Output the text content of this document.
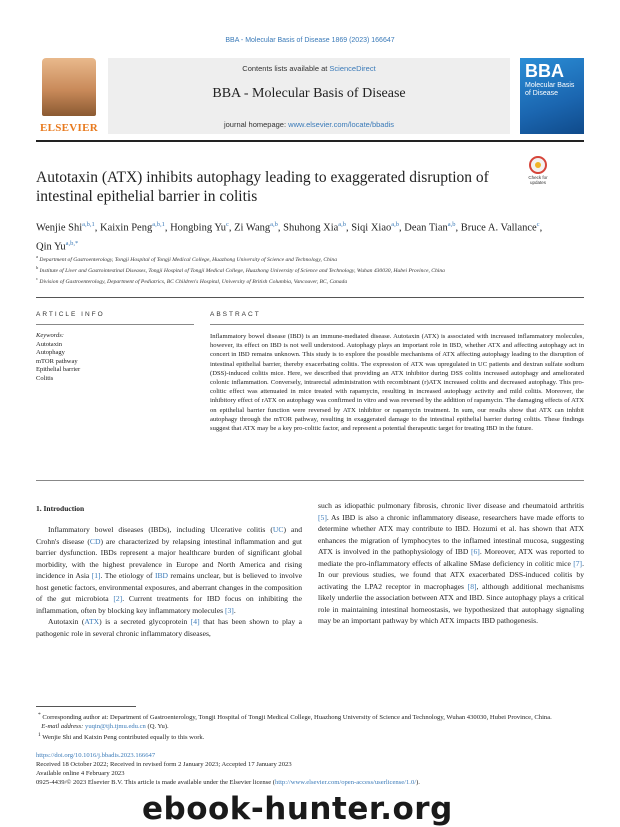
BBA - Molecular Basis of Disease 1869 (2023) 166647
ELSEVIER
Contents lists available at ScienceDirect
BBA - Molecular Basis of Disease
journal homepage: www.elsevier.com/locate/bbadis
BBA
Molecular Basis of Disease
Autotaxin (ATX) inhibits autophagy leading to exaggerated disruption of intestinal epithelial barrier in colitis
Check for updates
Wenjie Shi$^{a,b,1}$, Kaixin Peng$^{a,b,1}$, Hongbing Yu$^c$, Zi Wang$^{a,b}$, Shuhong Xia$^{a,b}$, Siqi Xiao$^{a,b}$, Dean Tian$^{a,b}$, Bruce A. Vallance$^c$, Qin $Yu^{a,b,*}$
$^a$ Department of Gastroenterology, Tongji Hospital of Tongji Medical College, Huazhong University of Science and Technology, China
$^b$ Institute of Liver and Gastrointestinal Diseases, Tongji Hospital of Tongji Medical College, Huazhong University of Science and Technology, Wuhan 430030, Hubei Province, China
$^c$ Division of Gastroenterology, Department of Pediatrics, BC Children's Hospital, University of British Columbia, Vancouver, BC, Canada
ARTICLE INFO	ABSTRACT
Keywords:
Autotaxin
Autophagy
mTOR pathway
Epithelial barrier
Colitis
Inflammatory bowel disease (IBD) is an immune-mediated disease. Autotaxin (ATX) is associated with increased inflammatory molecules, however, its effect on IBD is not well understood. Autophagy plays an important role in IBD, whether ATX and affecting autophagy act in concert in IBD remains unknown. This study is to explore the possible mechanisms of ATX affecting autophagy leading to the disruption of intestinal epithelial barrier, thereby exacerbating colitis. The expression of ATX was upregulated in UC patients and dextran sulfate sodium (DSS)-induced colitis mice. Here, we described that providing an ATX inhibitor during DSS colitis increased autophagy and ameliorated colonic inflammation. Conversely, intrarectal administration with recombinant (r)ATX increased colitis and decreased autophagy. This pro-colitic effect was attenuated in mice treated with rapamycin, resulting in increased autophagy activity and mild colitis. Moreover, the inhibitory effect of rATX on autophagy was confirmed in vitro and was reversed by the addition of rapamycin. The damaging effects of ATX on epithelial barrier function were reversed by ATX inhibitor or rapamycin treatment. In sum, our results show that ATX can inhibit autophagy through the mTOR pathway, resulting in exaggerated damage to the intestinal epithelial barrier during colitis. These findings suggest that ATX may be a key pro-colitic factor, and represent a potential therapeutic target for treating IBD in the future.
1. Introduction

Inflammatory bowel diseases (IBDs), including Ulcerative colitis (UC) and Crohn's disease (CD) are characterized by relapsing intestinal inflammation and gut barrier dysfunction. IBDs represent a major healthcare burden of significant global morbidity, with the highest prevalence in Europe and North America and rising incidence in Asia [1]. The etiology of IBD remains unclear, but is believed to involve host genetic factors, environmental exposures, and aberrant changes in the composition of the gut microbiota [2]. Current treatments for IBD focus on inhibiting the inflammation, often by blocking key inflammatory molecules [3].

Autotaxin (ATX) is a secreted glycoprotein [4] that has been shown to play a pathogenic role in several chronic inflammatory diseases,

such as idiopathic pulmonary fibrosis, chronic liver disease and rheumatoid arthritis [5]. As IBD is also a chronic inflammatory disease, researchers have made efforts to determine whether ATX may contribute to IBD. Hozumi et al. has shown that ATX enhances the migration of lymphocytes to the inflamed intestinal mucosa, suggesting ATX is involved in the pathophysiology of IBD [6]. Moreover, ATX was reported to mediate the pro-inflammatory effects of alkaline SMase deficiency in colitic mice [7]. In our previous studies, we found that ATX exacerbated DSS-induced colitis by activating the LPA2 receptor in macrophages [8], although additional mechanisms likely underlie the association between ATX and IBD. Since autophagy plays a critical role in maintaining intestinal homeostasis, we hypothesized that autophagy signaling may be an important pathway by which ATX impacts IBD pathogenesis.

* Corresponding author at: Department of Gastroenterology, Tongji Hospital of Tongji Medical College, Huazhong University of Science and Technology, Wuhan 430030, Hubei Province, China.
E-mail address: yuqin@tjh.tjmu.edu.cn (Q. Yu).
$^1$ Wenjie Shi and Kaixin Peng contributed equally to this work.
https://doi.org/10.1016/j.bbadis.2023.166647
Received 18 October 2022; Received in revised form 2 January 2023; Accepted 17 January 2023
Available online 4 February 2023
0925-4439/© 2023 Elsevier B.V. This article is made available under the Elsevier license (http://www.elsevier.com/open-access/userlicense/1.0/).
ebook-hunter.org
